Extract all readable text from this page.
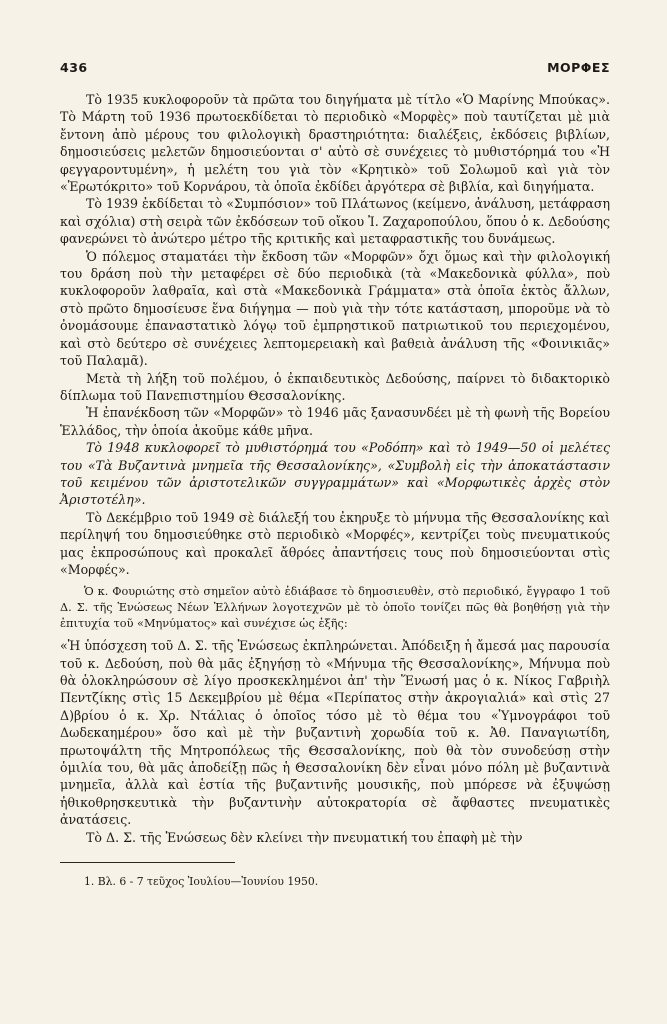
436	ΜΟΡΦΕΣ

Τὸ 1935 κυκλοφοροῦν τὰ πρῶτα του διηγήματα μὲ τίτλο «Ὁ Μαρίνης Μπούκας». Τὸ Μάρτη τοῦ 1936 πρωτοεκδίδεται τὸ περιοδικὸ «Μορφὲς» ποὺ ταυτίζεται μὲ μιὰ ἔντονη ἀπὸ μέρους του φιλολογικὴ δραστηριότητα: διαλέξεις, ἐκδόσεις βιβλίων, δημοσιεύσεις μελετῶν δημοσιεύονται σ' αὐτὸ σὲ συνέχειες τὸ μυθιστόρημά του «Ἡ φεγγαροντυμένη», ἡ μελέτη του γιὰ τὸν «Κρητικὸ» τοῦ Σολωμοῦ καὶ γιὰ τὸν «Ἐρωτόκριτο» τοῦ Κορνάρου, τὰ ὁποῖα ἐκδίδει ἀργότερα σὲ βιβλία, καὶ διηγήματα.

Τὸ 1939 ἐκδίδεται τὸ «Συμπόσιον» τοῦ Πλάτωνος (κείμενο, ἀνάλυση, μετάφραση καὶ σχόλια) στὴ σειρὰ τῶν ἐκδόσεων τοῦ οἴκου Ἰ. Ζαχαροπούλου, ὅπου ὁ κ. Δεδούσης φανερώνει τὸ ἀνώτερο μέτρο τῆς κριτικῆς καὶ μεταφραστικῆς του δυνάμεως.

Ὁ πόλεμος σταματάει τὴν ἔκδοση τῶν «Μορφῶν» ὄχι ὅμως καὶ τὴν φιλολογική του δράση ποὺ τὴν μεταφέρει σὲ δύο περιοδικὰ (τὰ «Μακεδονικὰ φύλλα», ποὺ κυκλοφοροῦν λαθραῖα, καὶ στὰ «Μακεδονικὰ Γράμματα» στὰ ὁποῖα ἐκτὸς ἄλλων, στὸ πρῶτο δημοσίευσε ἕνα διήγημα — ποὺ γιὰ τὴν τότε κατάσταση, μποροῦμε νὰ τὸ ὀνομάσουμε ἐπαναστατικὸ λόγῳ τοῦ ἐμπρηστικοῦ πατριωτικοῦ του περιεχομένου, καὶ στὸ δεύτερο σὲ συνέχειες λεπτομερειακὴ καὶ βαθειὰ ἀνάλυση τῆς «Φοινικιᾶς» τοῦ Παλαμᾶ).

Μετὰ τὴ λήξη τοῦ πολέμου, ὁ ἐκπαιδευτικὸς Δεδούσης, παίρνει τὸ διδακτορικὸ δίπλωμα τοῦ Πανεπιστημίου Θεσσαλονίκης.

Ἡ ἐπανέκδοση τῶν «Μορφῶν» τὸ 1946 μᾶς ξανασυνδέει μὲ τὴ φωνὴ τῆς Βορείου Ἑλλάδος, τὴν ὁποία ἀκοῦμε κάθε μῆνα.

Τὸ 1948 κυκλοφορεῖ τὸ μυθιστόρημά του «Ροδόπη» καὶ τὸ 1949—50 οἱ μελέτες του «Τὰ Βυζαντινὰ μνημεῖα τῆς Θεσσαλονίκης», «Συμβολὴ εἰς τὴν ἀποκατάστασιν τοῦ κειμένου τῶν ἀριστοτελικῶν συγγραμμάτων» καὶ «Μορφωτικὲς ἀρχὲς στὸν Ἀριστοτέλη».

Τὸ Δεκέμβριο τοῦ 1949 σὲ διάλεξή του ἐκηρυξε τὸ μήνυμα τῆς Θεσσαλονίκης καὶ περίληψή του δημοσιεύθηκε στὸ περιοδικὸ «Μορφές», κεντρίζει τοὺς πνευματικούς μας ἐκπροσώπους καὶ προκαλεῖ ἄθρόες ἀπαντήσεις τους ποὺ δημοσιεύονται στὶς «Μορφές».

Ὁ κ. Φουριώτης στὸ σημεῖον αὐτὸ ἐδιάβασε τὸ δημοσιευθὲν, στὸ περιοδικό, ἔγγραφο 1 τοῦ Δ. Σ. τῆς Ἑνώσεως Νέων Ἑλλήνων λογοτεχνῶν μὲ τὸ ὁποῖο τονίζει πῶς θὰ βοηθήσῃ γιὰ τὴν ἐπιτυχία τοῦ «Μηνύματος» καὶ συνέχισε ὡς ἑξῆς:

«Ἡ ὑπόσχεση τοῦ Δ. Σ. τῆς Ἑνώσεως ἐκπληρώνεται. Ἀπόδειξη ἡ ἄμεσά μας παρουσία τοῦ κ. Δεδούση, ποὺ θὰ μᾶς ἐξηγήσῃ τὸ «Μήνυμα τῆς Θεσσαλονίκης», Μήνυμα ποὺ θὰ ὁλοκληρώσουν σὲ λίγο προσκεκλημένοι ἀπ' τὴν Ἕνωσή μας ὁ κ. Νίκος Γαβριὴλ Πεντζίκης στὶς 15 Δεκεμβρίου μὲ θέμα «Περίπατος στὴν ἀκρογιαλιά» καὶ στὶς 27 Δ)βρίου ὁ κ. Χρ. Ντάλιας ὁ ὁποῖος τόσο μὲ τὸ θέμα του «Ὑμνογράφοι τοῦ Δωδεκαημέρου» ὅσο καὶ μὲ τὴν βυζαντινὴ χορωδία τοῦ κ. Ἀθ. Παναγιωτίδη, πρωτοψάλτη τῆς Μητροπόλεως τῆς Θεσσαλονίκης, ποὺ θὰ τὸν συνοδεύσῃ στὴν ὁμιλία του, θὰ μᾶς ἀποδείξῃ πῶς ἡ Θεσσαλονίκη δὲν εἶναι μόνο πόλη μὲ βυζαντινὰ μνημεῖα, ἀλλὰ καὶ ἑστία τῆς βυζαντινῆς μουσικῆς, ποὺ μπόρεσε νὰ ἐξυψώσῃ ἠθικοθρησκευτικὰ τὴν βυζαντινὴν αὐτοκρατορία σὲ ἄφθαστες πνευματικὲς ἀνατάσεις.

Τὸ Δ. Σ. τῆς Ἑνώσεως δὲν κλείνει τὴν πνευματική του ἐπαφὴ μὲ τὴν

1. Βλ. 6 - 7 τεῦχος Ἰουλίου—Ἰουνίου 1950.
